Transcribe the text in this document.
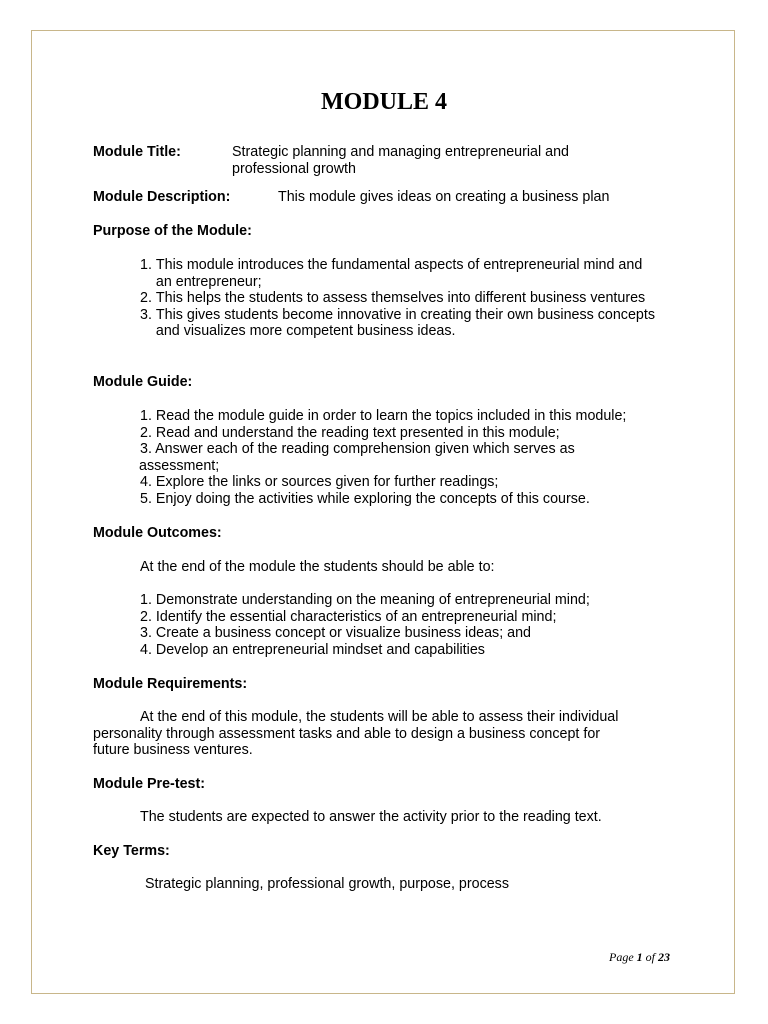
MODULE 4
Module Title:	Strategic planning and managing entrepreneurial and
professional growth
Module Description:	This module gives ideas on creating a business plan
Purpose of the Module:
1. This module introduces the fundamental aspects of entrepreneurial mind and an entrepreneur;
2. This helps the students to assess themselves into different business ventures
3. This gives students become innovative in creating their own business concepts and visualizes more competent business ideas.
Module Guide:
1. Read the module guide in order to learn the topics included in this module;
2. Read and understand the reading text presented in this module;
3. Answer each of the reading comprehension given which serves as
assessment;
4. Explore the links or sources given for further readings;
5. Enjoy doing the activities while exploring the concepts of this course.
Module Outcomes:
At the end of the module the students should be able to:
1. Demonstrate understanding on the meaning of entrepreneurial mind;
2. Identify the essential characteristics of an entrepreneurial mind;
3. Create a business concept or visualize business ideas; and
4. Develop an entrepreneurial mindset and capabilities
Module Requirements:
At the end of this module, the students will be able to assess their individual
personality through assessment tasks and able to design a business concept for
future business ventures.
Module Pre-test:
The students are expected to answer the activity prior to the reading text.
Key Terms:
Strategic planning, professional growth, purpose, process
Page 1 of 23
